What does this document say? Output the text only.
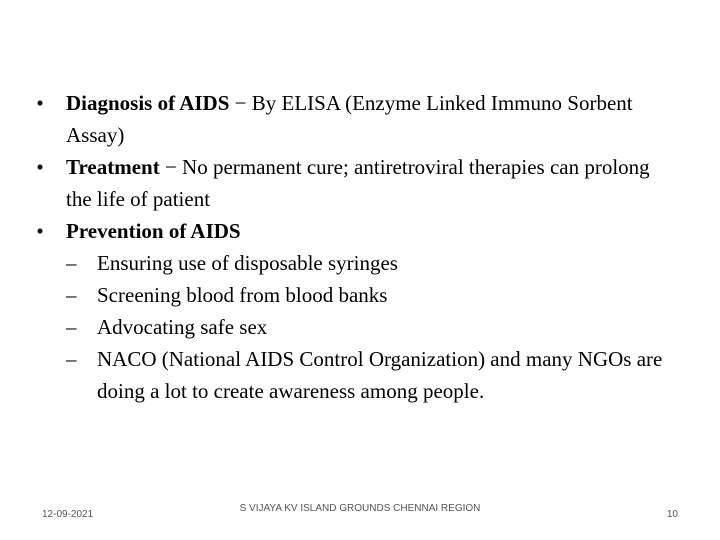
•	Diagnosis of AIDS − By ELISA (Enzyme Linked Immuno Sorbent Assay)

•	Treatment − No permanent cure; antiretroviral therapies can prolong the life of patient

•	Prevention of AIDS

– Ensuring use of disposable syringes

– Screening blood from blood banks

– Advocating safe sex

– NACO (National AIDS Control Organization) and many NGOs are doing a lot to create awareness among people.

12-09-2021
S VIJAYA KV ISLAND GROUNDS CHENNAI REGION
10
